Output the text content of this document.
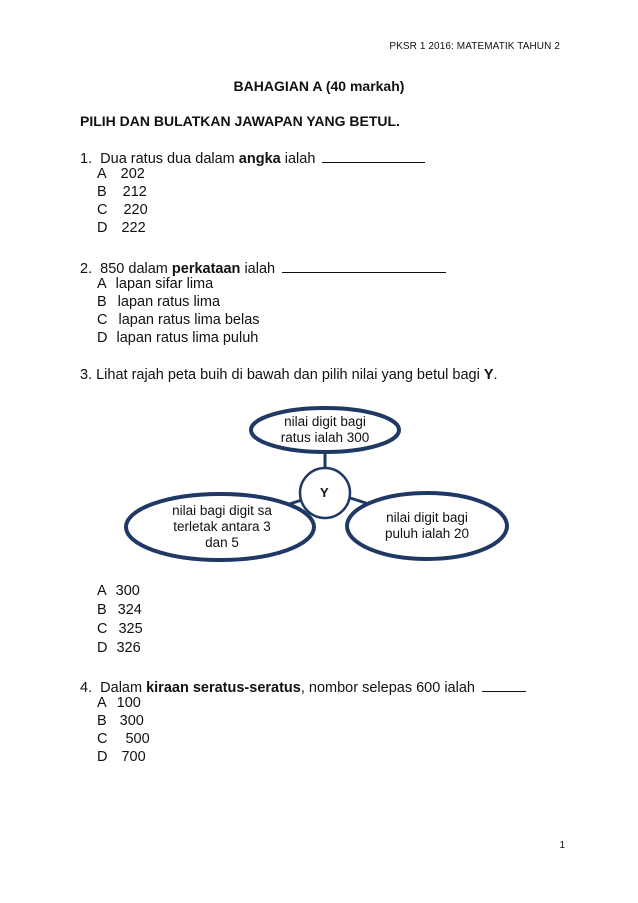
PKSR 1 2016: MATEMATIK TAHUN 2
BAHAGIAN A (40 markah)
PILIH DAN BULATKAN JAWAPAN YANG BETUL.
1. Dua ratus dua dalam angka ialah
A 202
B 212
C 220
D 222
2. 850 dalam perkataan ialah
A lapan sifar lima
B lapan ratus lima
C lapan ratus lima belas
D lapan ratus lima puluh
3. Lihat rajah peta buih di bawah dan pilih nilai yang betul bagi Y.
nilai digit bagi
ratus ialah 300
nilai digit bagi
puluh ialah 20
nilai bagi digit sa
terletak antara 3
dan 5
Y
A 300
B 324
C 325
D 326
4. Dalam kiraan seratus-seratus, nombor selepas 600 ialah
A 100
B 300
C 500
D 700
1
